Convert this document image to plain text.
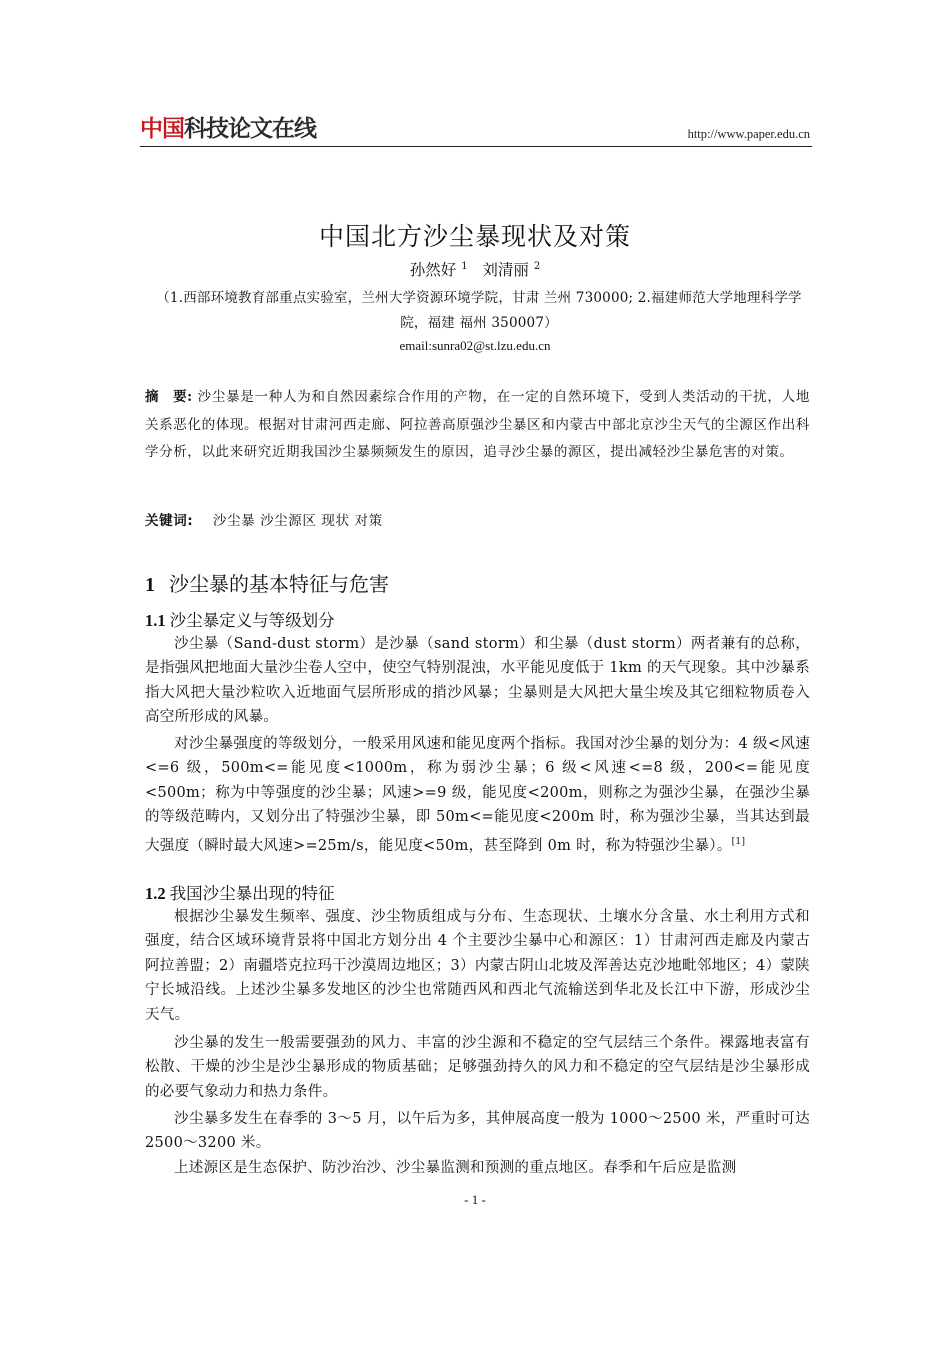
中国科技论文在线	http://www.paper.edu.cn
中国北方沙尘暴现状及对策
孙然好 $^1$ 刘清丽 $^2$
（1.西部环境教育部重点实验室，兰州大学资源环境学院，甘肃 兰州 730000; 2.福建师范大学地理科学学院，福建 福州 350007）
email:sunra02@st.lzu.edu.cn

摘　要: 沙尘暴是一种人为和自然因素综合作用的产物，在一定的自然环境下，受到人类活动的干扰，人地关系恶化的体现。根据对甘肃河西走廊、阿拉善高原强沙尘暴区和内蒙古中部北京沙尘天气的尘源区作出科学分析，以此来研究近期我国沙尘暴频频发生的原因，追寻沙尘暴的源区，提出减轻沙尘暴危害的对策。

关键词: 沙尘暴 沙尘源区 现状 对策
1 沙尘暴的基本特征与危害
1.1 沙尘暴定义与等级划分

沙尘暴（Sand-dust storm）是沙暴（sand storm）和尘暴（dust storm）两者兼有的总称，是指强风把地面大量沙尘卷人空中，使空气特别混浊，水平能见度低于 1km 的天气现象。其中沙暴系指大风把大量沙粒吹入近地面气层所形成的捎沙风暴；尘暴则是大风把大量尘埃及其它细粒物质卷入高空所形成的风暴。

对沙尘暴强度的等级划分，一般采用风速和能见度两个指标。我国对沙尘暴的划分为：4 级<风速<=6 级，500m<=能见度<1000m，称为弱沙尘暴；6 级<风速<=8 级，200<=能见度<500m；称为中等强度的沙尘暴；风速>=9 级，能见度<200m，则称之为强沙尘暴，在强沙尘暴的等级范畴内，又划分出了特强沙尘暴，即 50m<=能见度<200m 时，称为强沙尘暴，当其达到最大强度（瞬时最大风速>=25m/s，能见度<50m，甚至降到 0m 时，称为特强沙尘暴）。[1]

1.2 我国沙尘暴出现的特征

根据沙尘暴发生频率、强度、沙尘物质组成与分布、生态现状、土壤水分含量、水土利用方式和强度，结合区域环境背景将中国北方划分出 4 个主要沙尘暴中心和源区：1）甘肃河西走廊及内蒙古阿拉善盟；2）南疆塔克拉玛干沙漠周边地区；3）内蒙古阴山北坡及浑善达克沙地毗邻地区；4）蒙陕宁长城沿线。上述沙尘暴多发地区的沙尘也常随西风和西北气流输送到华北及长江中下游，形成沙尘天气。

沙尘暴的发生一般需要强劲的风力、丰富的沙尘源和不稳定的空气层结三个条件。裸露地表富有松散、干燥的沙尘是沙尘暴形成的物质基础；足够强劲持久的风力和不稳定的空气层结是沙尘暴形成的必要气象动力和热力条件。

沙尘暴多发生在春季的 3～5 月，以午后为多，其伸展高度一般为 1000～2500 米，严重时可达 2500～3200 米。

上述源区是生态保护、防沙治沙、沙尘暴监测和预测的重点地区。春季和午后应是监测

- 1 -
